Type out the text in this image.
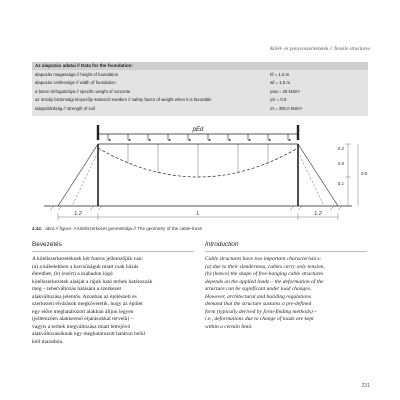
Kötél- és ponyvaszerkezetek // Tensile structures
Az alapozás adatai // Data for the foundation:
alapozás magassága // height of foundation	hf = 1.5 m
alapozás szélessége // width of foundation	wf = 1.5 m
a beton térfogatsúlya // specific weight of concrete	ρsw = 25 kN/m³
az önsúly biztonsági tényezője kedvező esetben // safety factor of weight when it is favorable	γG = 0.9
talajszilárdság // strength of soil	σt = 300.0 kN/m²
pEd
1.2	L	1.2
0.2
5.8
0.1
0.8
4.42. ábra // figure: A kötélszerkezet geometriája // The geometry of the cable-truss
Bevezetés	Introduction
A kötélszerkezeteknek két fontos jellemzőjük van:
(a) a kábelekben a karcsúságuk miatt csak húzás
ébredhet, (b) (ezért) a szabadon lógó
kötélszerkezetek alakját a rájuk ható terhek határozzák
meg – teherváltozás hatására a szerkezet
alakváltozása jelentős. Azonban az építészeti és
szerkezeti elvárások megkövetelik, hogy az épület
egy előre meghatározott alakban álljon legyen
(jellemzően alakkereső eljárásokkal terveik) –
vagyis a terhek megváltozása miatt létrejövő
alakváltozásoknak egy meghatározott határon belül
kell maradnia.
Cable structures have two important characteristics:
(a) due to their slenderness, cables carry only tension,
(b) (hence) the shape of free-hanging cable structures
depends on the applied loads – the deformation of the
structure can be significant under load changes.
However, architectural and building regulations
demand that the structure sustains a pre-defined
form (typically derived by form-finding methods) –
i.e., deformations due to change of loads are kept
within a certain limit.
231
